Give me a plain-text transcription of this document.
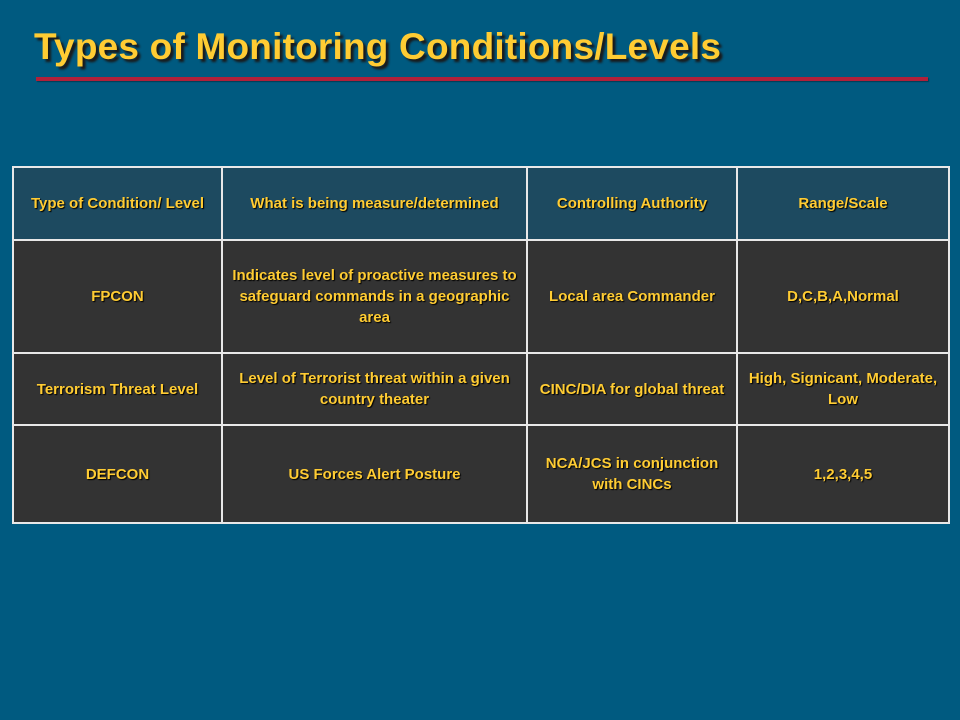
Types of Monitoring Conditions/Levels
Type of Condition/ Level	What is being measure/determined	Controlling Authority	Range/Scale
FPCON	Indicates level of proactive measures to safeguard commands in a geographic area	Local area Commander	D,C,B,A,Normal
Terrorism Threat Level	Level of Terrorist threat within a given country theater	CINC/DIA for global threat	High, Signicant, Moderate, Low
DEFCON	US Forces Alert Posture	NCA/JCS in conjunction with CINCs	1,2,3,4,5
